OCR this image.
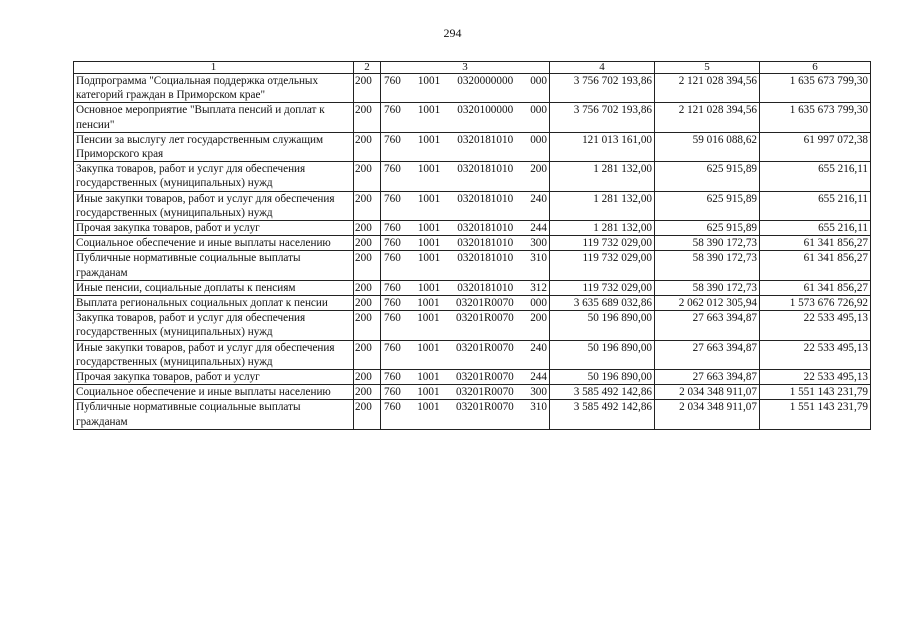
294
1	2	3	4	5	6
Подпрограмма "Социальная поддержка отдельных категорий граждан в Приморском крае"	200	760 1001 0320000000 000	3 756 702 193,86	2 121 028 394,56	1 635 673 799,30
Основное мероприятие "Выплата пенсий и доплат к пенсии"	200	760 1001 0320100000 000	3 756 702 193,86	2 121 028 394,56	1 635 673 799,30
Пенсии за выслугу лет государственным служащим Приморского края	200	760 1001 0320181010 000	121 013 161,00	59 016 088,62	61 997 072,38
Закупка товаров, работ и услуг для обеспечения государственных (муниципальных) нужд	200	760 1001 0320181010 200	1 281 132,00	625 915,89	655 216,11
Иные закупки товаров, работ и услуг для обеспечения государственных (муниципальных) нужд	200	760 1001 0320181010 240	1 281 132,00	625 915,89	655 216,11
Прочая закупка товаров, работ и услуг	200	760 1001 0320181010 244	1 281 132,00	625 915,89	655 216,11
Социальное обеспечение и иные выплаты населению	200	760 1001 0320181010 300	119 732 029,00	58 390 172,73	61 341 856,27
Публичные нормативные социальные выплаты гражданам	200	760 1001 0320181010 310	119 732 029,00	58 390 172,73	61 341 856,27
Иные пенсии, социальные доплаты к пенсиям	200	760 1001 0320181010 312	119 732 029,00	58 390 172,73	61 341 856,27
Выплата региональных социальных доплат к пенсии	200	760 1001 03201R0070 000	3 635 689 032,86	2 062 012 305,94	1 573 676 726,92
Закупка товаров, работ и услуг для обеспечения государственных (муниципальных) нужд	200	760 1001 03201R0070 200	50 196 890,00	27 663 394,87	22 533 495,13
Иные закупки товаров, работ и услуг для обеспечения государственных (муниципальных) нужд	200	760 1001 03201R0070 240	50 196 890,00	27 663 394,87	22 533 495,13
Прочая закупка товаров, работ и услуг	200	760 1001 03201R0070 244	50 196 890,00	27 663 394,87	22 533 495,13
Социальное обеспечение и иные выплаты населению	200	760 1001 03201R0070 300	3 585 492 142,86	2 034 348 911,07	1 551 143 231,79
Публичные нормативные социальные выплаты гражданам	200	760 1001 03201R0070 310	3 585 492 142,86	2 034 348 911,07	1 551 143 231,79
